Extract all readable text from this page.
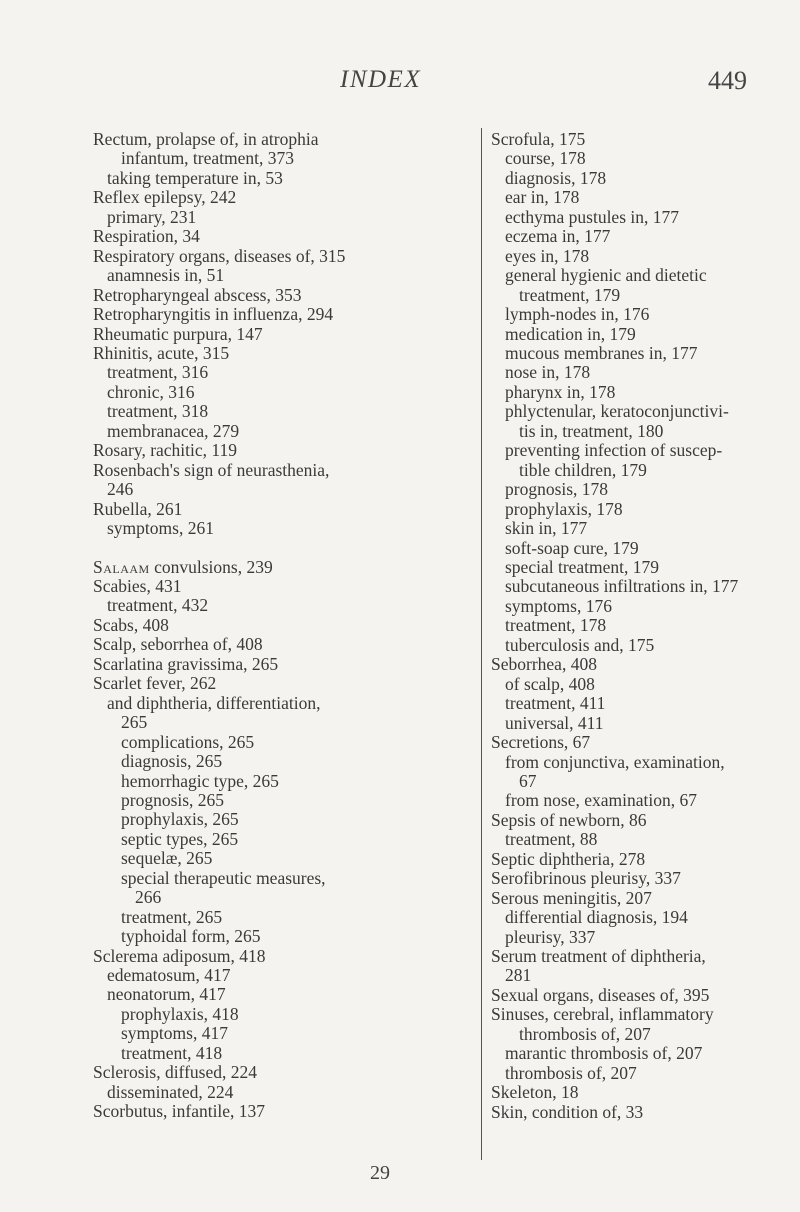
INDEX	449
Rectum, prolapse of, in atrophia
infantum, treatment, 373
taking temperature in, 53
Reflex epilepsy, 242
primary, 231
Respiration, 34
Respiratory organs, diseases of, 315
anamnesis in, 51
Retropharyngeal abscess, 353
Retropharyngitis in influenza, 294
Rheumatic purpura, 147
Rhinitis, acute, 315
treatment, 316
chronic, 316
treatment, 318
membranacea, 279
Rosary, rachitic, 119
Rosenbach's sign of neurasthenia,
246
Rubella, 261
symptoms, 261
Salaam convulsions, 239
Scabies, 431
treatment, 432
Scabs, 408
Scalp, seborrhea of, 408
Scarlatina gravissima, 265
Scarlet fever, 262
and diphtheria, differentiation,
265
complications, 265
diagnosis, 265
hemorrhagic type, 265
prognosis, 265
prophylaxis, 265
septic types, 265
sequelæ, 265
special therapeutic measures,
266
treatment, 265
typhoidal form, 265
Sclerema adiposum, 418
edematosum, 417
neonatorum, 417
prophylaxis, 418
symptoms, 417
treatment, 418
Sclerosis, diffused, 224
disseminated, 224
Scorbutus, infantile, 137
Scrofula, 175
course, 178
diagnosis, 178
ear in, 178
ecthyma pustules in, 177
eczema in, 177
eyes in, 178
general hygienic and dietetic
treatment, 179
lymph-nodes in, 176
medication in, 179
mucous membranes in, 177
nose in, 178
pharynx in, 178
phlyctenular, keratoconjunctivi-
tis in, treatment, 180
preventing infection of suscep-
tible children, 179
prognosis, 178
prophylaxis, 178
skin in, 177
soft-soap cure, 179
special treatment, 179
subcutaneous infiltrations in, 177
symptoms, 176
treatment, 178
tuberculosis and, 175
Seborrhea, 408
of scalp, 408
treatment, 411
universal, 411
Secretions, 67
from conjunctiva, examination,
67
from nose, examination, 67
Sepsis of newborn, 86
treatment, 88
Septic diphtheria, 278
Serofibrinous pleurisy, 337
Serous meningitis, 207
differential diagnosis, 194
pleurisy, 337
Serum treatment of diphtheria,
281
Sexual organs, diseases of, 395
Sinuses, cerebral, inflammatory
thrombosis of, 207
marantic thrombosis of, 207
thrombosis of, 207
Skeleton, 18
Skin, condition of, 33
29
